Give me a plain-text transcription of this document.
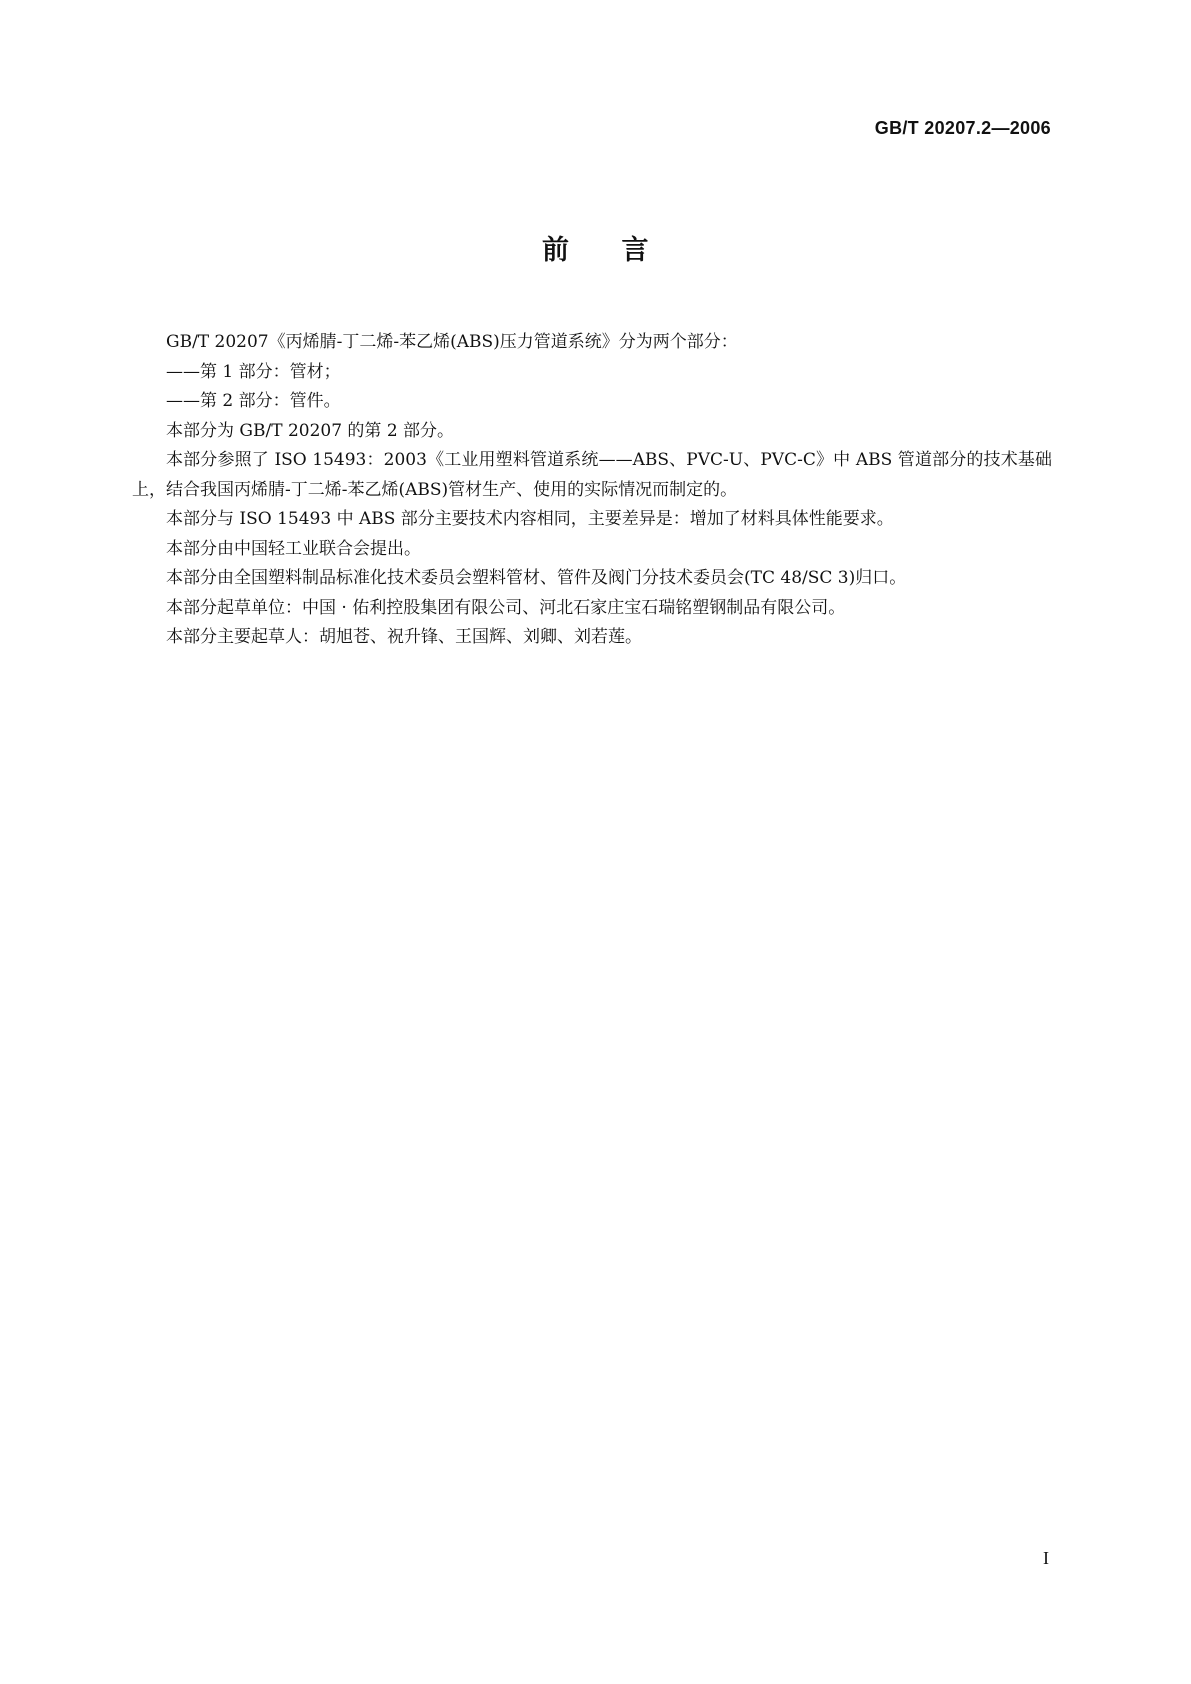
GB/T 20207.2—2006
前 言

GB/T 20207《丙烯腈-丁二烯-苯乙烯(ABS)压力管道系统》分为两个部分：

——第 1 部分：管材；

——第 2 部分：管件。

本部分为 GB/T 20207 的第 2 部分。

本部分参照了 ISO 15493：2003《工业用塑料管道系统——ABS、PVC-U、PVC-C》中 ABS 管道部分的技术基础上，结合我国丙烯腈-丁二烯-苯乙烯(ABS)管材生产、使用的实际情况而制定的。

本部分与 ISO 15493 中 ABS 部分主要技术内容相同，主要差异是：增加了材料具体性能要求。

本部分由中国轻工业联合会提出。

本部分由全国塑料制品标准化技术委员会塑料管材、管件及阀门分技术委员会(TC 48/SC 3)归口。

本部分起草单位：中国 · 佑利控股集团有限公司、河北石家庄宝石瑞铭塑钢制品有限公司。

本部分主要起草人：胡旭苍、祝升锋、王国辉、刘卿、刘若莲。

I
